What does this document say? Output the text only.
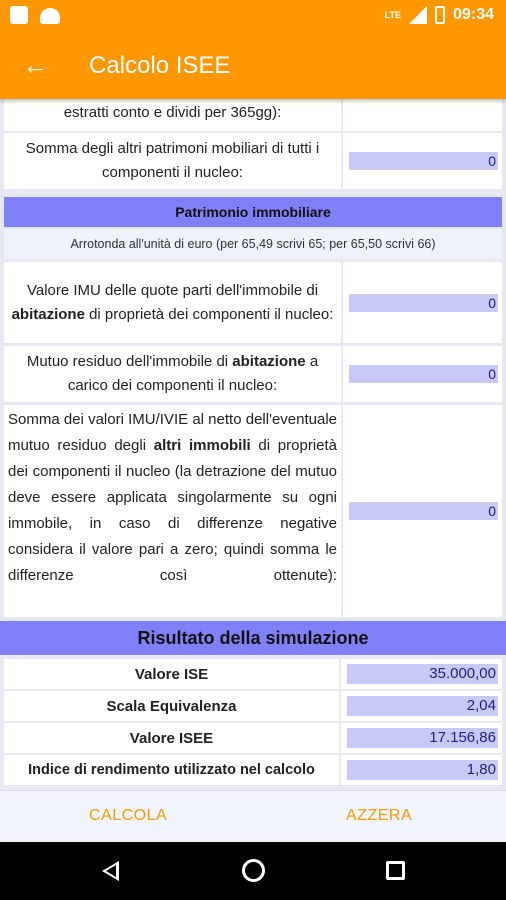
LTE	09:34
← Calcolo ISEE
estratti conto e dividi per 365gg):
Somma degli altri patrimoni mobiliari di tutti i componenti il nucleo:
0
Patrimonio immobiliare
Arrotonda all'unità di euro (per 65,49 scrivi 65; per 65,50 scrivi 66)
Valore IMU delle quote parti dell'immobile di abitazione di proprietà dei componenti il nucleo:
0
Mutuo residuo dell'immobile di abitazione a carico dei componenti il nucleo:
0
Somma dei valori IMU/IVIE al netto dell'eventuale mutuo residuo degli altri immobili di proprietà dei componenti il nucleo (la detrazione del mutuo deve essere applicata singolarmente su ogni immobile, in caso di differenze negative considera il valore pari a zero; quindi somma le differenze così ottenute):
0
Risultato della simulazione
Valore ISE	35.000,00
Scala Equivalenza	2,04
Valore ISEE	17.156,86
Indice di rendimento utilizzato nel calcolo	1,80
CALCOLA	AZZERA
